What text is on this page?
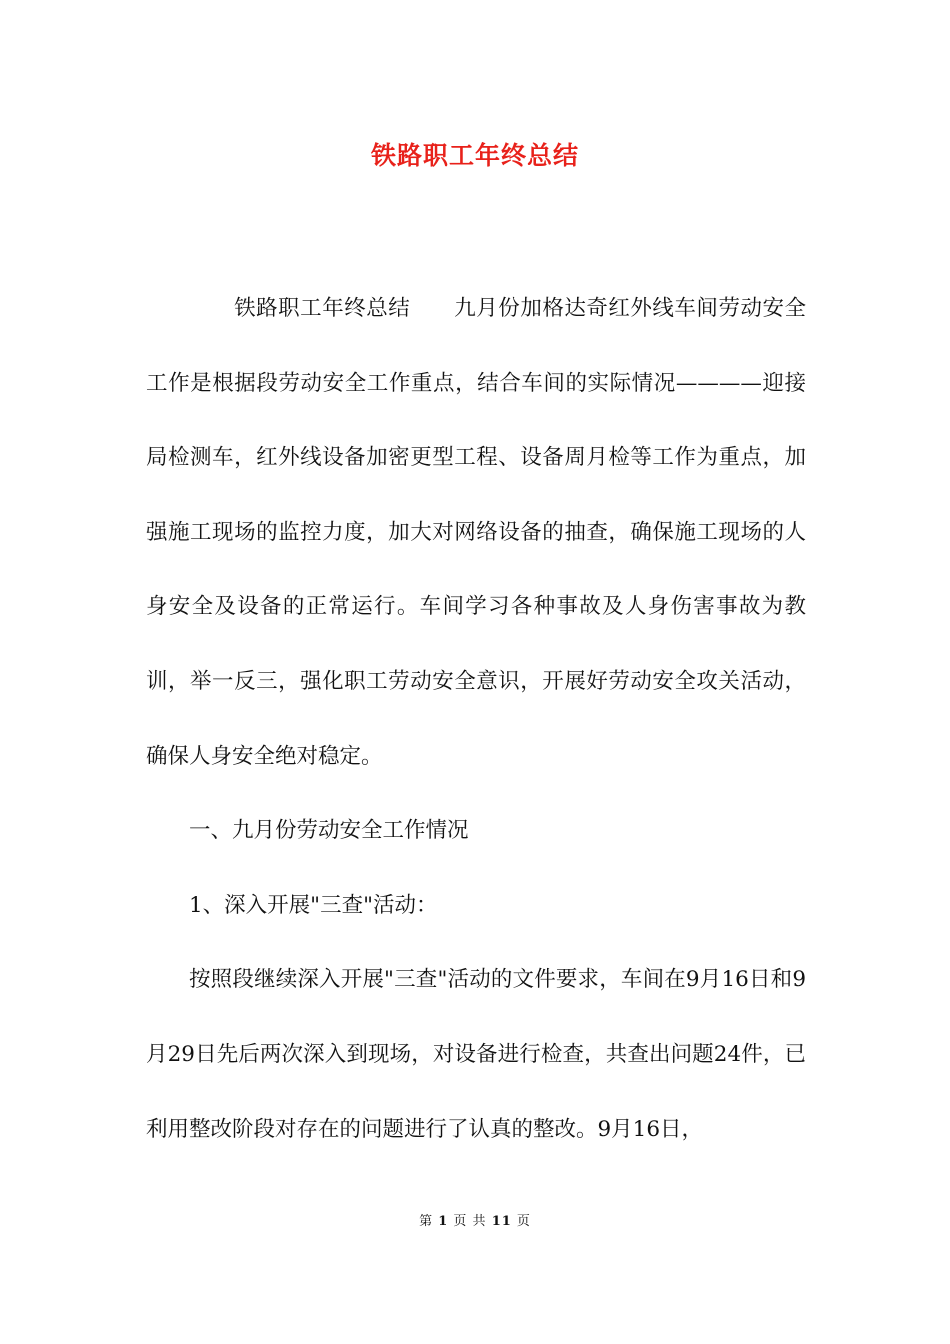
铁路职工年终总结

铁路职工年终总结　　九月份加格达奇红外线车间劳动安全工作是根据段劳动安全工作重点，结合车间的实际情况————迎接局检测车，红外线设备加密更型工程、设备周月检等工作为重点，加强施工现场的监控力度，加大对网络设备的抽查，确保施工现场的人身安全及设备的正常运行。车间学习各种事故及人身伤害事故为教训，举一反三，强化职工劳动安全意识，开展好劳动安全攻关活动，确保人身安全绝对稳定。

一、九月份劳动安全工作情况

1、深入开展"三查"活动：

按照段继续深入开展"三查"活动的文件要求，车间在9月16日和9月29日先后两次深入到现场，对设备进行检查，共查出问题24件，已利用整改阶段对存在的问题进行了认真的整改。9月16日，

第 1 页 共 11 页
